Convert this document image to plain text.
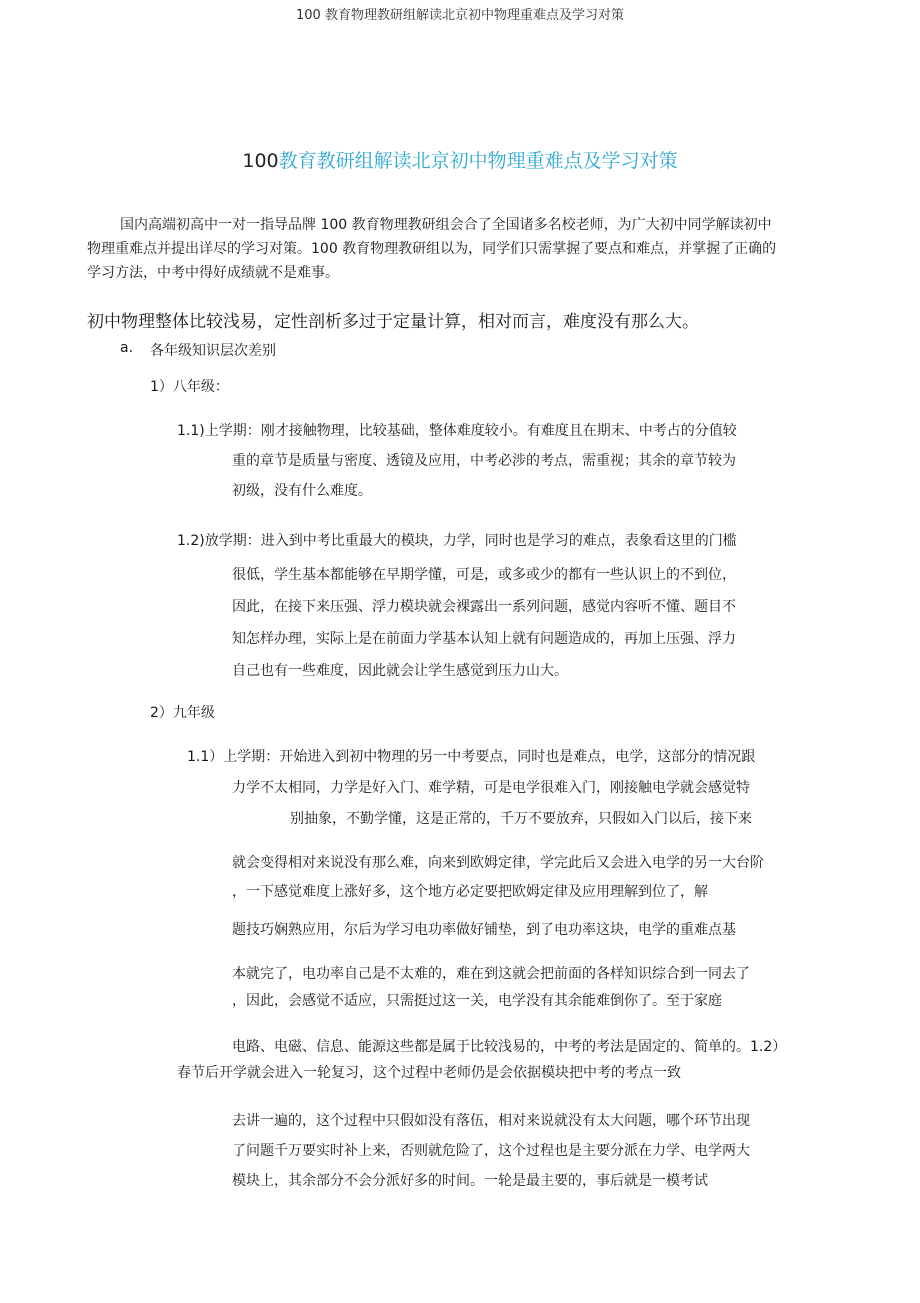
100 教育物理教研组解读北京初中物理重难点及学习对策
100教育教研组解读北京初中物理重难点及学习对策
国内高端初高中一对一指导品牌 100 教育物理教研组会合了全国诸多名校老师，为广大初中同学解读初中
物理重难点并提出详尽的学习对策。100 教育物理教研组以为，同学们只需掌握了要点和难点，并掌握了正确的
学习方法，中考中得好成绩就不是难事。
初中物理整体比较浅易，定性剖析多过于定量计算，相对而言，难度没有那么大。
a. 各年级知识层次差别
1）八年级：
1.1)上学期：刚才接触物理，比较基础，整体难度较小。有难度且在期末、中考占的分值较
重的章节是质量与密度、透镜及应用，中考必涉的考点，需重视；其余的章节较为
初级，没有什么难度。
1.2)放学期：进入到中考比重最大的模块，力学，同时也是学习的难点，表象看这里的门槛
很低，学生基本都能够在早期学懂，可是，或多或少的都有一些认识上的不到位，
因此，在接下来压强、浮力模块就会裸露出一系列问题，感觉内容听不懂、题目不
知怎样办理，实际上是在前面力学基本认知上就有问题造成的，再加上压强、浮力
自己也有一些难度，因此就会让学生感觉到压力山大。
2）九年级
1.1）上学期：开始进入到初中物理的另一中考要点，同时也是难点，电学，这部分的情况跟
力学不太相同，力学是好入门、难学精，可是电学很难入门，刚接触电学就会感觉特
别抽象，不勤学懂，这是正常的，千万不要放弃，只假如入门以后，接下来
就会变得相对来说没有那么难，向来到欧姆定律，学完此后又会进入电学的另一大台阶
，一下感觉难度上涨好多，这个地方必定要把欧姆定律及应用理解到位了，解
题技巧娴熟应用，尔后为学习电功率做好铺垫，到了电功率这块，电学的重难点基
本就完了，电功率自己是不太难的，难在到这就会把前面的各样知识综合到一同去了
，因此，会感觉不适应，只需挺过这一关，电学没有其余能难倒你了。至于家庭
电路、电磁、信息、能源这些都是属于比较浅易的，中考的考法是固定的、简单的。1.2）
春节后开学就会进入一轮复习，这个过程中老师仍是会依据模块把中考的考点一致
去讲一遍的，这个过程中只假如没有落伍，相对来说就没有太大问题，哪个环节出现
了问题千万要实时补上来，否则就危险了，这个过程也是主要分派在力学、电学两大
模块上，其余部分不会分派好多的时间。一轮是最主要的，事后就是一模考试
